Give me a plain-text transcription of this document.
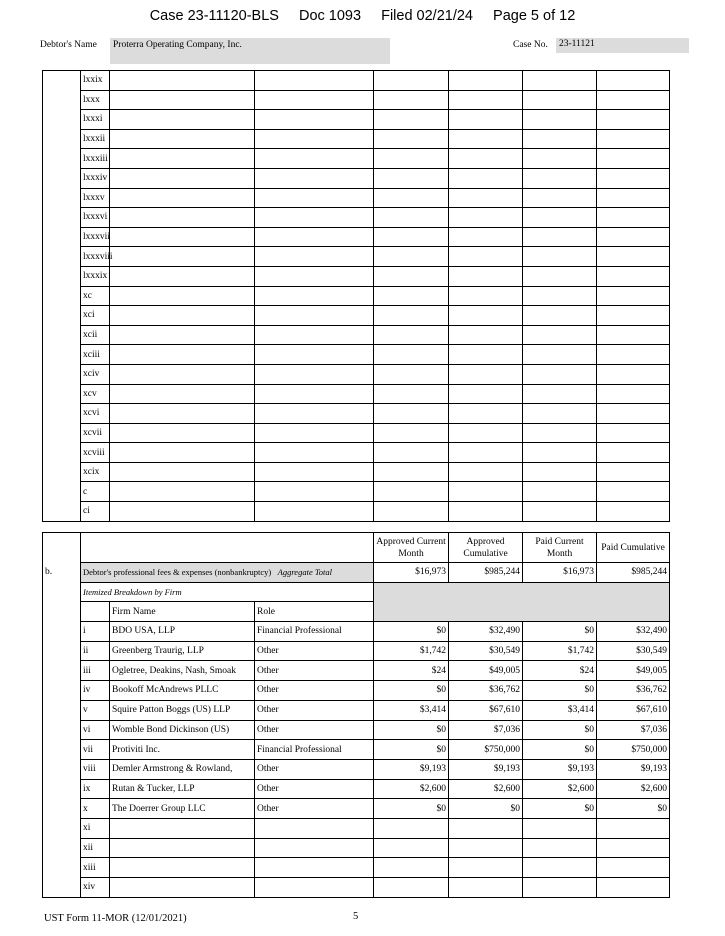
Case 23-11120-BLS Doc 1093 Filed 02/21/24 Page 5 of 12
Debtor's Name	Proterra Operating Company, Inc.	Case No.	23-11121
	lxxix						
	lxxx						
	lxxxi						
	lxxxii						
	lxxxiii						
	lxxxiv						
	lxxxv						
	lxxxvi						
	lxxxvii						
	lxxxviii						
	lxxxix						
	xc						
	xci						
	xcii						
	xciii						
	xciv						
	xcv						
	xcvi						
	xcvii						
	xcviii						
	xcix						
	c						
	ci						
				Approved Current Month	Approved Cumulative	Paid Current Month	Paid Cumulative
b.	Debtor's professional fees & expenses (nonbankruptcy) Aggregate Total			$16,973	$985,244	$16,973	$985,244
	Itemized Breakdown by Firm						
		Firm Name	Role				
	i	BDO USA, LLP	Financial Professional	$0	$32,490	$0	$32,490
	ii	Greenberg Traurig, LLP	Other	$1,742	$30,549	$1,742	$30,549
	iii	Ogletree, Deakins, Nash, Smoak	Other	$24	$49,005	$24	$49,005
	iv	Bookoff McAndrews PLLC	Other	$0	$36,762	$0	$36,762
	v	Squire Patton Boggs (US) LLP	Other	$3,414	$67,610	$3,414	$67,610
	vi	Womble Bond Dickinson (US)	Other	$0	$7,036	$0	$7,036
	vii	Protiviti Inc.	Financial Professional	$0	$750,000	$0	$750,000
	viii	Demler Armstrong & Rowland,	Other	$9,193	$9,193	$9,193	$9,193
	ix	Rutan & Tucker, LLP	Other	$2,600	$2,600	$2,600	$2,600
	x	The Doerrer Group LLC	Other	$0	$0	$0	$0
	xi						
	xii						
	xiii						
	xiv						
UST Form 11-MOR (12/01/2021)	5
